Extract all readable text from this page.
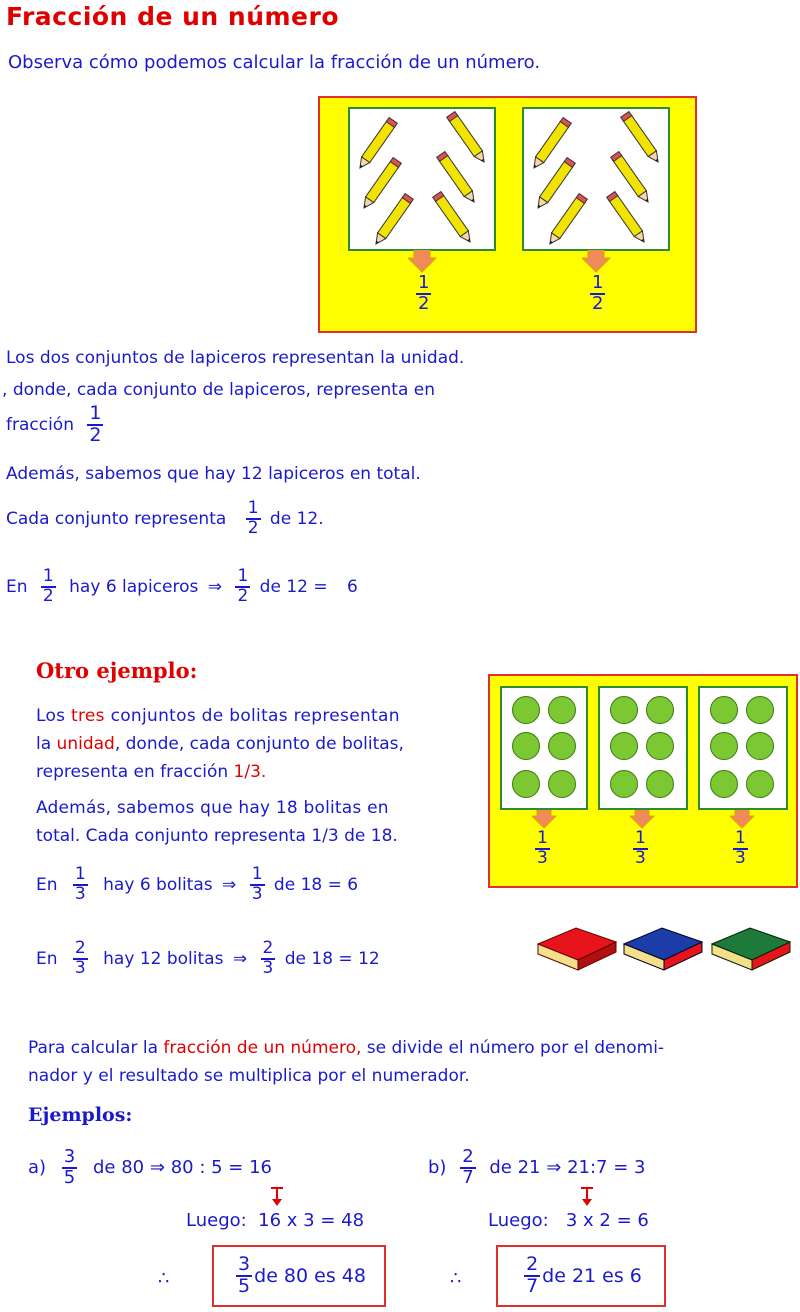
Fracción de un número
Observa cómo podemos calcular la fracción de un número.
$\frac{1}{2}$	$\frac{1}{2}$
Los dos conjuntos de lapiceros representan la unidad.
, donde, cada conjunto de lapiceros, representa en
fracción $\frac{1}{2}$
Además, sabemos que hay 12 lapiceros en total.
Cada conjunto representa $\frac{1}{2}$ de 12.
En $\frac{1}{2}$ hay 6 lapiceros ⇒ $\frac{1}{2}$ de 12 = 6
Otro ejemplo:
Los tres conjuntos de bolitas representan
la unidad, donde, cada conjunto de bolitas,
representa en fracción 1/3.
Además, sabemos que hay 18 bolitas en
total. Cada conjunto representa 1/3 de 18.
En $\frac{1}{3}$ hay 6 bolitas ⇒ $\frac{1}{3}$ de 18 = 6
En $\frac{2}{3}$ hay 12 bolitas ⇒ $\frac{2}{3}$ de 18 = 12
$\frac{1}{3}$	$\frac{1}{3}$	$\frac{1}{3}$
Para calcular la fracción de un número, se divide el número por el denomi-
nador y el resultado se multiplica por el numerador.
Ejemplos:
$a) \frac{3}{5}$ de 80 ⇒ 80 : 5 = 16
Luego: 16 x 3 = 48
∴	$\frac{3}{5}$ de 80 es 48
$b) \frac{2}{7}$ de 21 ⇒ 21:7 = 3
Luego: 3 x 2 = 6
∴	$\frac{2}{7}$ de 21 es 6
